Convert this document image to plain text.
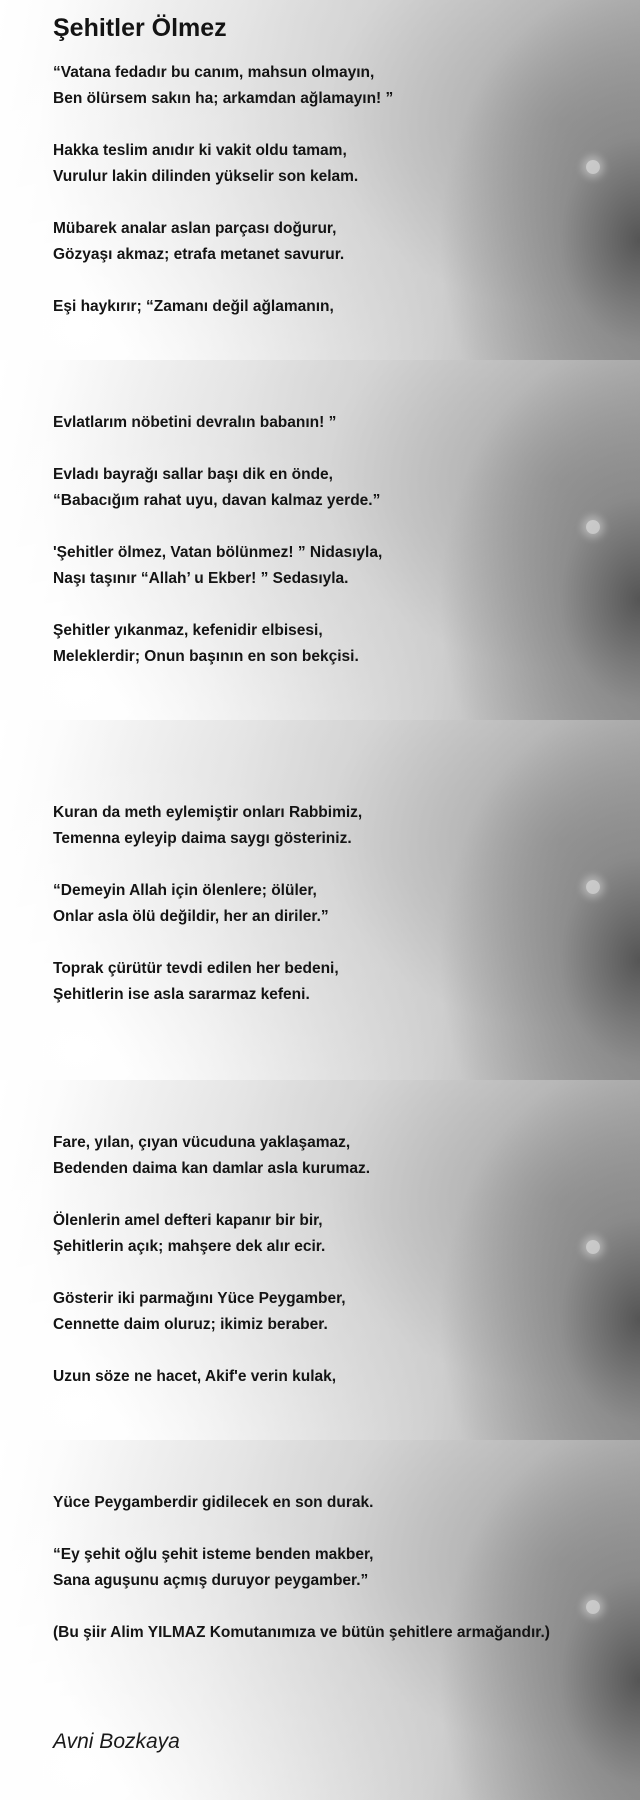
Şehitler Ölmez
“Vatana fedadır bu canım, mahsun olmayın,
Ben ölürsem sakın ha; arkamdan ağlamayın! ”
Hakka teslim anıdır ki vakit oldu tamam,
Vurulur lakin dilinden yükselir son kelam.
Mübarek analar aslan parçası doğurur,
Gözyaşı akmaz; etrafa metanet savurur.
Eşi haykırır; “Zamanı değil ağlamanın,
Evlatlarım nöbetini devralın babanın! ”
Evladı bayrağı sallar başı dik en önde,
“Babacığım rahat uyu, davan kalmaz yerde.”
'Şehitler ölmez, Vatan bölünmez! ” Nidasıyla,
Naşı taşınır “Allah’ u Ekber! ” Sedasıyla.
Şehitler yıkanmaz, kefenidir elbisesi,
Meleklerdir; Onun başının en son bekçisi.
Kuran da meth eylemiştir onları Rabbimiz,
Temenna eyleyip daima saygı gösteriniz.
“Demeyin Allah için ölenlere; ölüler,
Onlar asla ölü değildir, her an diriler.”
Toprak çürütür tevdi edilen her bedeni,
Şehitlerin ise asla sararmaz kefeni.
Fare, yılan, çıyan vücuduna yaklaşamaz,
Bedenden daima kan damlar asla kurumaz.
Ölenlerin amel defteri kapanır bir bir,
Şehitlerin açık; mahşere dek alır ecir.
Gösterir iki parmağını Yüce Peygamber,
Cennette daim oluruz; ikimiz beraber.
Uzun söze ne hacet, Akif'e verin kulak,
Yüce Peygamberdir gidilecek en son durak.
“Ey şehit oğlu şehit isteme benden makber,
Sana aguşunu açmış duruyor peygamber.”
(Bu şiir Alim YILMAZ Komutanımıza ve bütün şehitlere armağandır.)
Avni Bozkaya
